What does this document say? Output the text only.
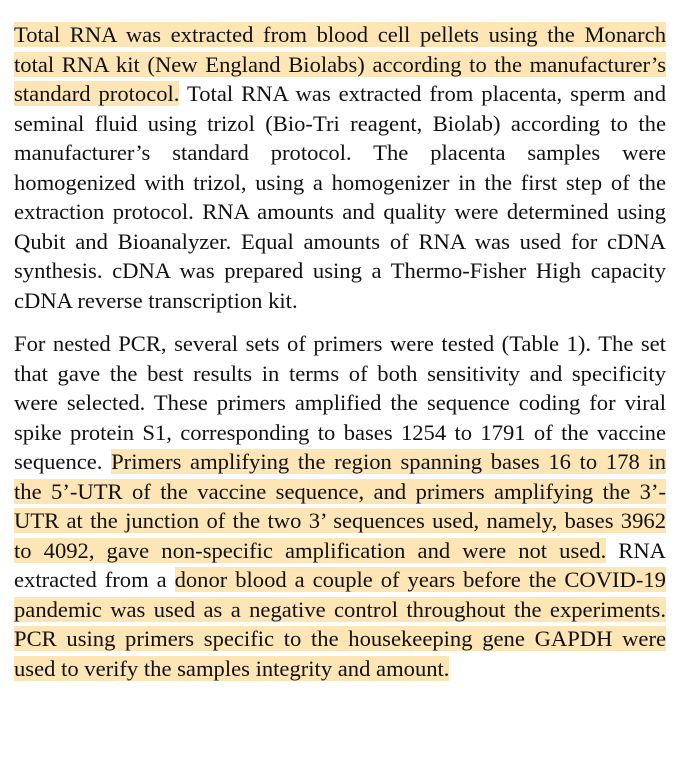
Total RNA was extracted from blood cell pellets using the Monarch total RNA kit (New England Biolabs) according to the manufacturer’s standard protocol. Total RNA was extracted from placenta, sperm and seminal fluid using trizol (Bio-Tri reagent, Biolab) according to the manufacturer’s standard protocol. The placenta samples were homogenized with trizol, using a homogenizer in the first step of the extraction protocol. RNA amounts and quality were determined using Qubit and Bioanalyzer. Equal amounts of RNA was used for cDNA synthesis. cDNA was prepared using a Thermo-Fisher High capacity cDNA reverse transcription kit.

For nested PCR, several sets of primers were tested (Table 1). The set that gave the best results in terms of both sensitivity and specificity were selected. These primers amplified the sequence coding for viral spike protein S1, corresponding to bases 1254 to 1791 of the vaccine sequence. Primers amplifying the region spanning bases 16 to 178 in the 5’-UTR of the vaccine sequence, and primers amplifying the 3’-UTR at the junction of the two 3’ sequences used, namely, bases 3962 to 4092, gave non-specific amplification and were not used. RNA extracted from a donor blood a couple of years before the COVID-19 pandemic was used as a negative control throughout the experiments. PCR using primers specific to the housekeeping gene GAPDH were used to verify the samples integrity and amount.
